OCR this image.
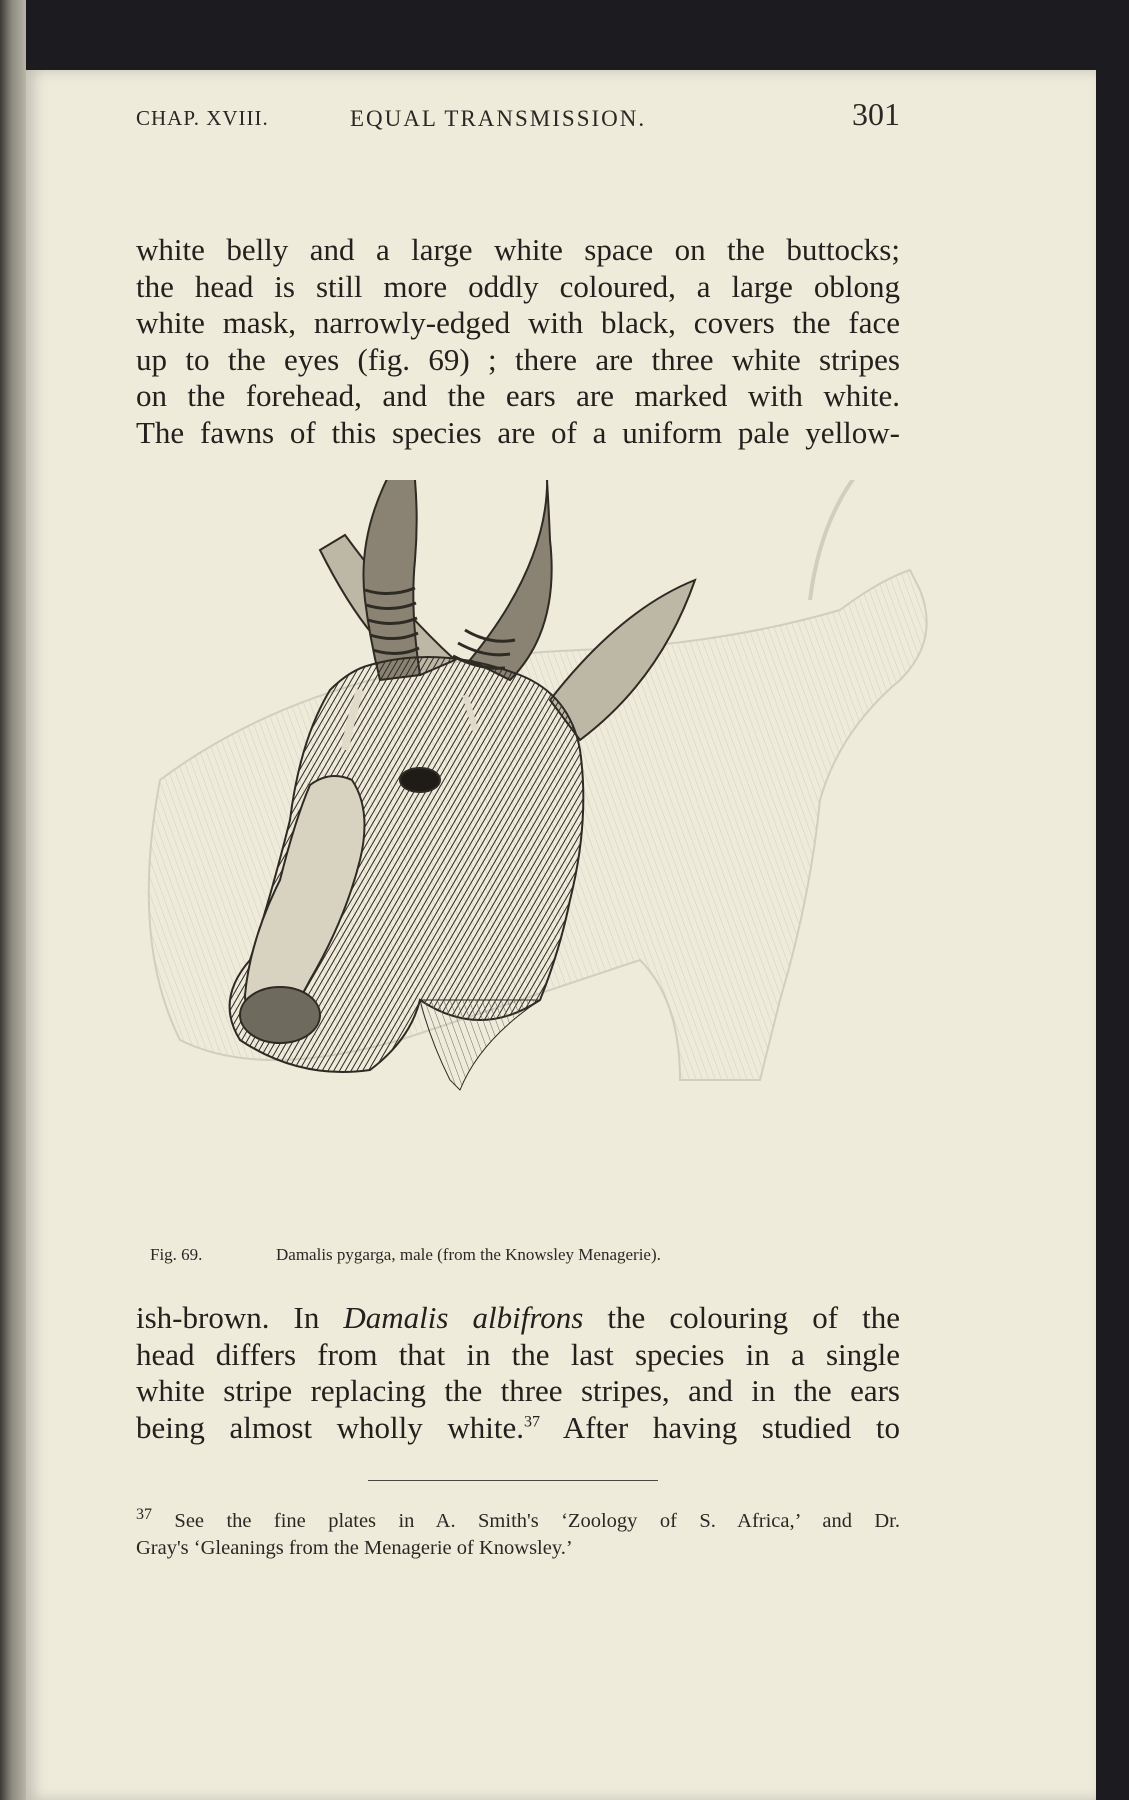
CHAP. XVIII.	EQUAL TRANSMISSION.	301
white belly and a large white space on the buttocks;
the head is still more oddly coloured, a large oblong
white mask, narrowly-edged with black, covers the face
up to the eyes (fig. 69) ; there are three white stripes
on the forehead, and the ears are marked with white.
The fawns of this species are of a uniform pale yellow-
Fig. 69.	Damalis pygarga, male (from the Knowsley Menagerie).
ish-brown. In Damalis albifrons the colouring of the
head differs from that in the last species in a single
white stripe replacing the three stripes, and in the ears
being almost wholly white.$^{37}$ After having studied to
$^{37}$ See the fine plates in A. Smith's ‘Zoology of S. Africa,’ and Dr.
Gray's ‘Gleanings from the Menagerie of Knowsley.’
